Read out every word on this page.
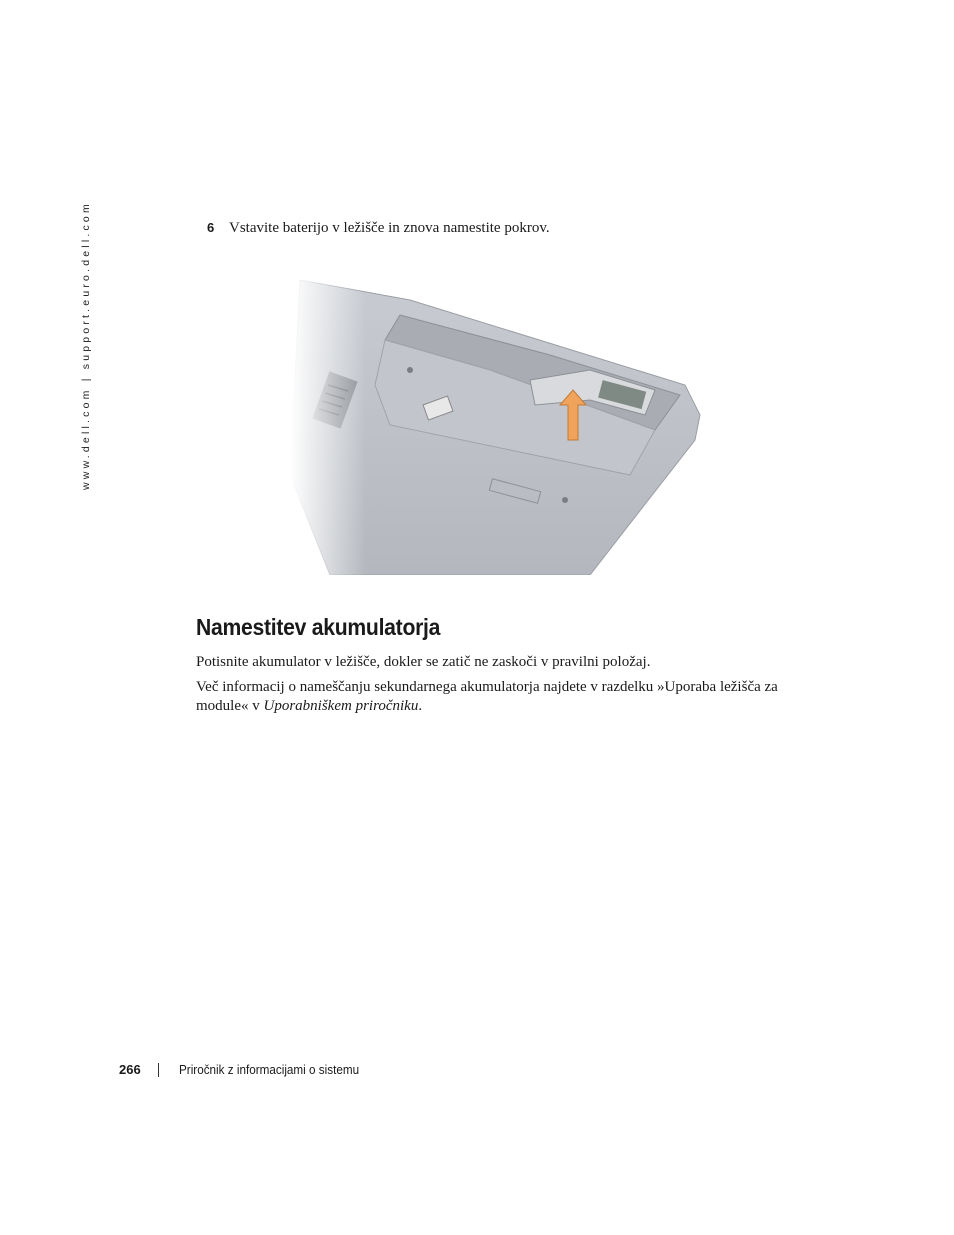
www.dell.com | support.euro.dell.com	6 Vstavite baterijo v ležišče in znova namestite pokrov.
Namestitev akumulatorja

Potisnite akumulator v ležišče, dokler se zatič ne zaskoči v pravilni položaj.

Več informacij o nameščanju sekundarnega akumulatorja najdete v razdelku »Uporaba ležišča za module« v Uporabniškem priročniku.

266	Priročnik z informacijami o sistemu
